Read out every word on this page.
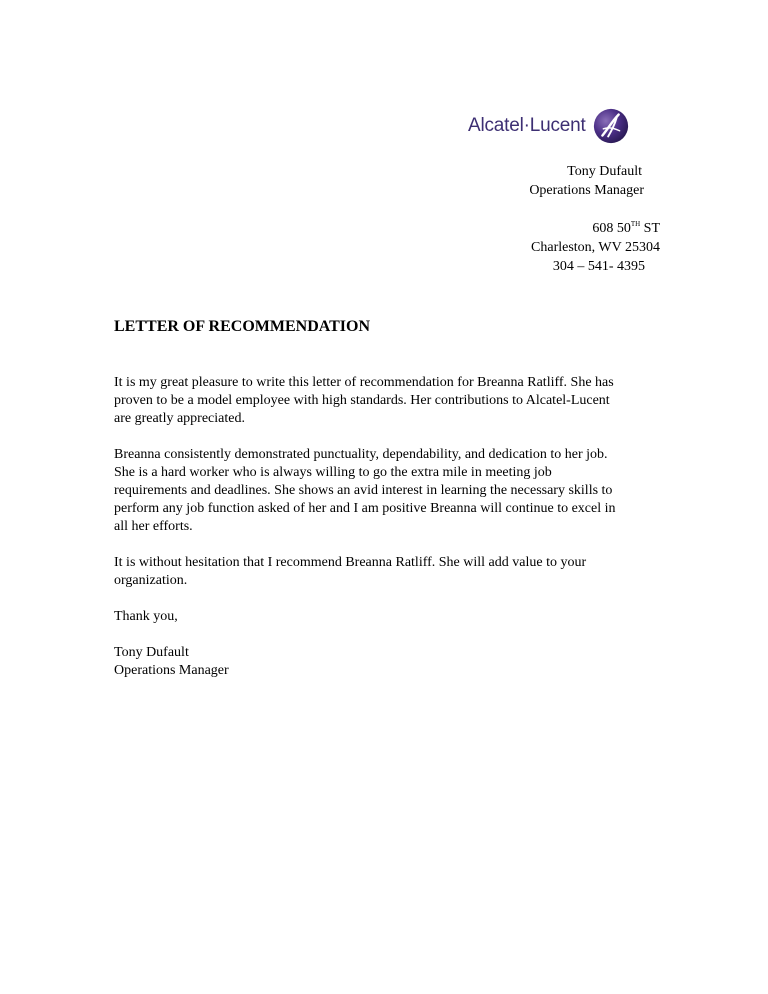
Alcatel·Lucent
Tony Dufault
Operations Manager
608 50TH ST
Charleston, WV 25304
304 – 541- 4395
LETTER OF RECOMMENDATION

It is my great pleasure to write this letter of recommendation for Breanna Ratliff. She has
proven to be a model employee with high standards. Her contributions to Alcatel-Lucent
are greatly appreciated.

Breanna consistently demonstrated punctuality, dependability, and dedication to her job.
She is a hard worker who is always willing to go the extra mile in meeting job
requirements and deadlines. She shows an avid interest in learning the necessary skills to
perform any job function asked of her and I am positive Breanna will continue to excel in
all her efforts.

It is without hesitation that I recommend Breanna Ratliff. She will add value to your
organization.

Thank you,

Tony Dufault
Operations Manager
